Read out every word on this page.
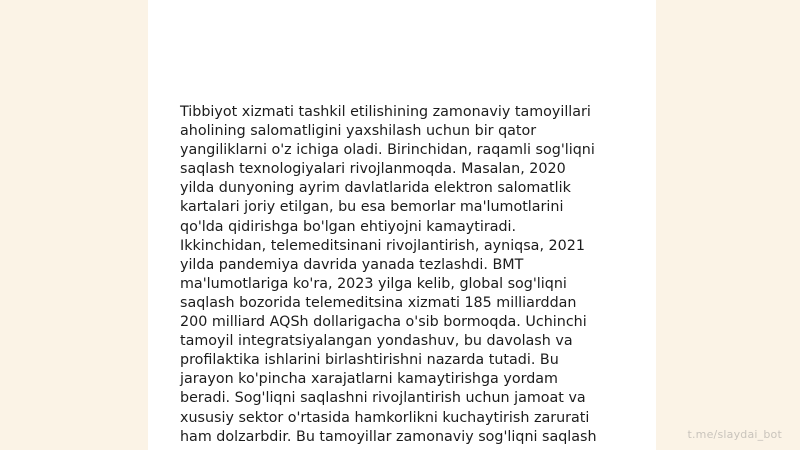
Tibbiyot xizmati tashkil etilishining zamonaviy tamoyillari
aholining salomatligini yaxshilash uchun bir qator
yangiliklarni o'z ichiga oladi. Birinchidan, raqamli sog'liqni
saqlash texnologiyalari rivojlanmoqda. Masalan, 2020
yilda dunyoning ayrim davlatlarida elektron salomatlik
kartalari joriy etilgan, bu esa bemorlar ma'lumotlarini
qo'lda qidirishga bo'lgan ehtiyojni kamaytiradi.
Ikkinchidan, telemeditsinani rivojlantirish, ayniqsa, 2021
yilda pandemiya davrida yanada tezlashdi. BMT
ma'lumotlariga ko'ra, 2023 yilga kelib, global sog'liqni
saqlash bozorida telemeditsina xizmati 185 milliarddan
200 milliard AQSh dollarigacha o'sib bormoqda. Uchinchi
tamoyil integratsiyalangan yondashuv, bu davolash va
profilaktika ishlarini birlashtirishni nazarda tutadi. Bu
jarayon ko'pincha xarajatlarni kamaytirishga yordam
beradi. Sog'liqni saqlashni rivojlantirish uchun jamoat va
xususiy sektor o'rtasida hamkorlikni kuchaytirish zarurati
ham dolzarbdir. Bu tamoyillar zamonaviy sog'liqni saqlash	t.me/slaydai_bot
